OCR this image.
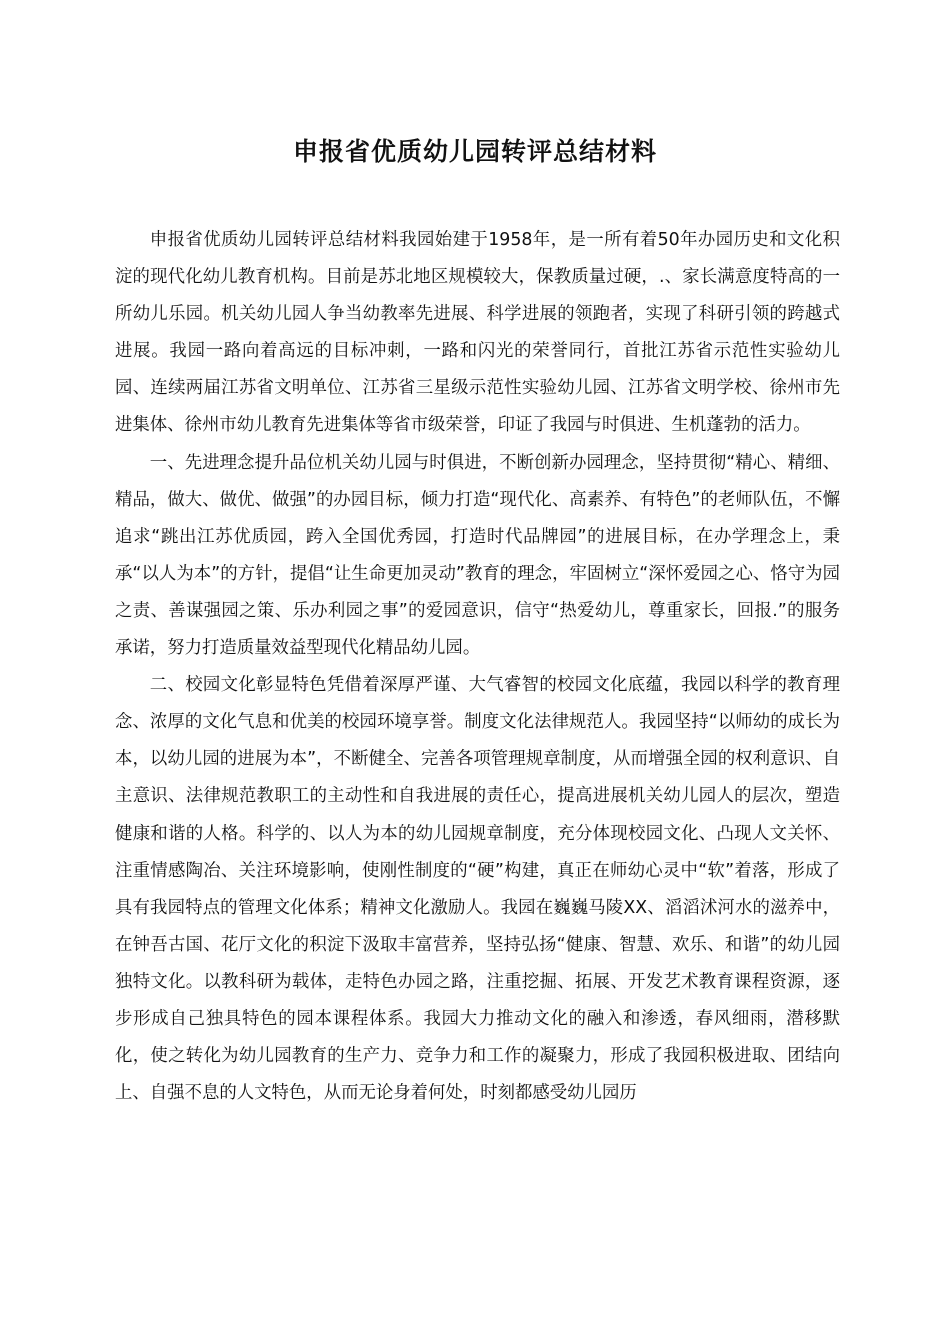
申报省优质幼儿园转评总结材料

申报省优质幼儿园转评总结材料我园始建于1958年，是一所有着50年办园历史和文化积淀的现代化幼儿教育机构。目前是苏北地区规模较大，保教质量过硬，.、家长满意度特高的一所幼儿乐园。机关幼儿园人争当幼教率先进展、科学进展的领跑者，实现了科研引领的跨越式进展。我园一路向着高远的目标冲刺，一路和闪光的荣誉同行，首批江苏省示范性实验幼儿园、连续两届江苏省文明单位、江苏省三星级示范性实验幼儿园、江苏省文明学校、徐州市先进集体、徐州市幼儿教育先进集体等省市级荣誉，印证了我园与时俱进、生机蓬勃的活力。

一、先进理念提升品位机关幼儿园与时俱进，不断创新办园理念，坚持贯彻“精心、精细、精品，做大、做优、做强”的办园目标，倾力打造“现代化、高素养、有特色”的老师队伍，不懈追求“跳出江苏优质园，跨入全国优秀园，打造时代品牌园”的进展目标，在办学理念上，秉承“以人为本”的方针，提倡“让生命更加灵动”教育的理念，牢固树立“深怀爱园之心、恪守为园之责、善谋强园之策、乐办利园之事”的爱园意识，信守“热爱幼儿，尊重家长，回报.”的服务承诺，努力打造质量效益型现代化精品幼儿园。

二、校园文化彰显特色凭借着深厚严谨、大气睿智的校园文化底蕴，我园以科学的教育理念、浓厚的文化气息和优美的校园环境享誉。制度文化法律规范人。我园坚持“以师幼的成长为本，以幼儿园的进展为本”，不断健全、完善各项管理规章制度，从而增强全园的权利意识、自主意识、法律规范教职工的主动性和自我进展的责任心，提高进展机关幼儿园人的层次，塑造健康和谐的人格。科学的、以人为本的幼儿园规章制度，充分体现校园文化、凸现人文关怀、注重情感陶冶、关注环境影响，使刚性制度的“硬”构建，真正在师幼心灵中“软”着落，形成了具有我园特点的管理文化体系；精神文化激励人。我园在巍巍马陵XX、滔滔沭河水的滋养中，在钟吾古国、花厅文化的积淀下汲取丰富营养，坚持弘扬“健康、智慧、欢乐、和谐”的幼儿园独特文化。以教科研为载体，走特色办园之路，注重挖掘、拓展、开发艺术教育课程资源，逐步形成自己独具特色的园本课程体系。我园大力推动文化的融入和渗透，春风细雨，潜移默化，使之转化为幼儿园教育的生产力、竞争力和工作的凝聚力，形成了我园积极进取、团结向上、自强不息的人文特色，从而无论身着何处，时刻都感受幼儿园历
